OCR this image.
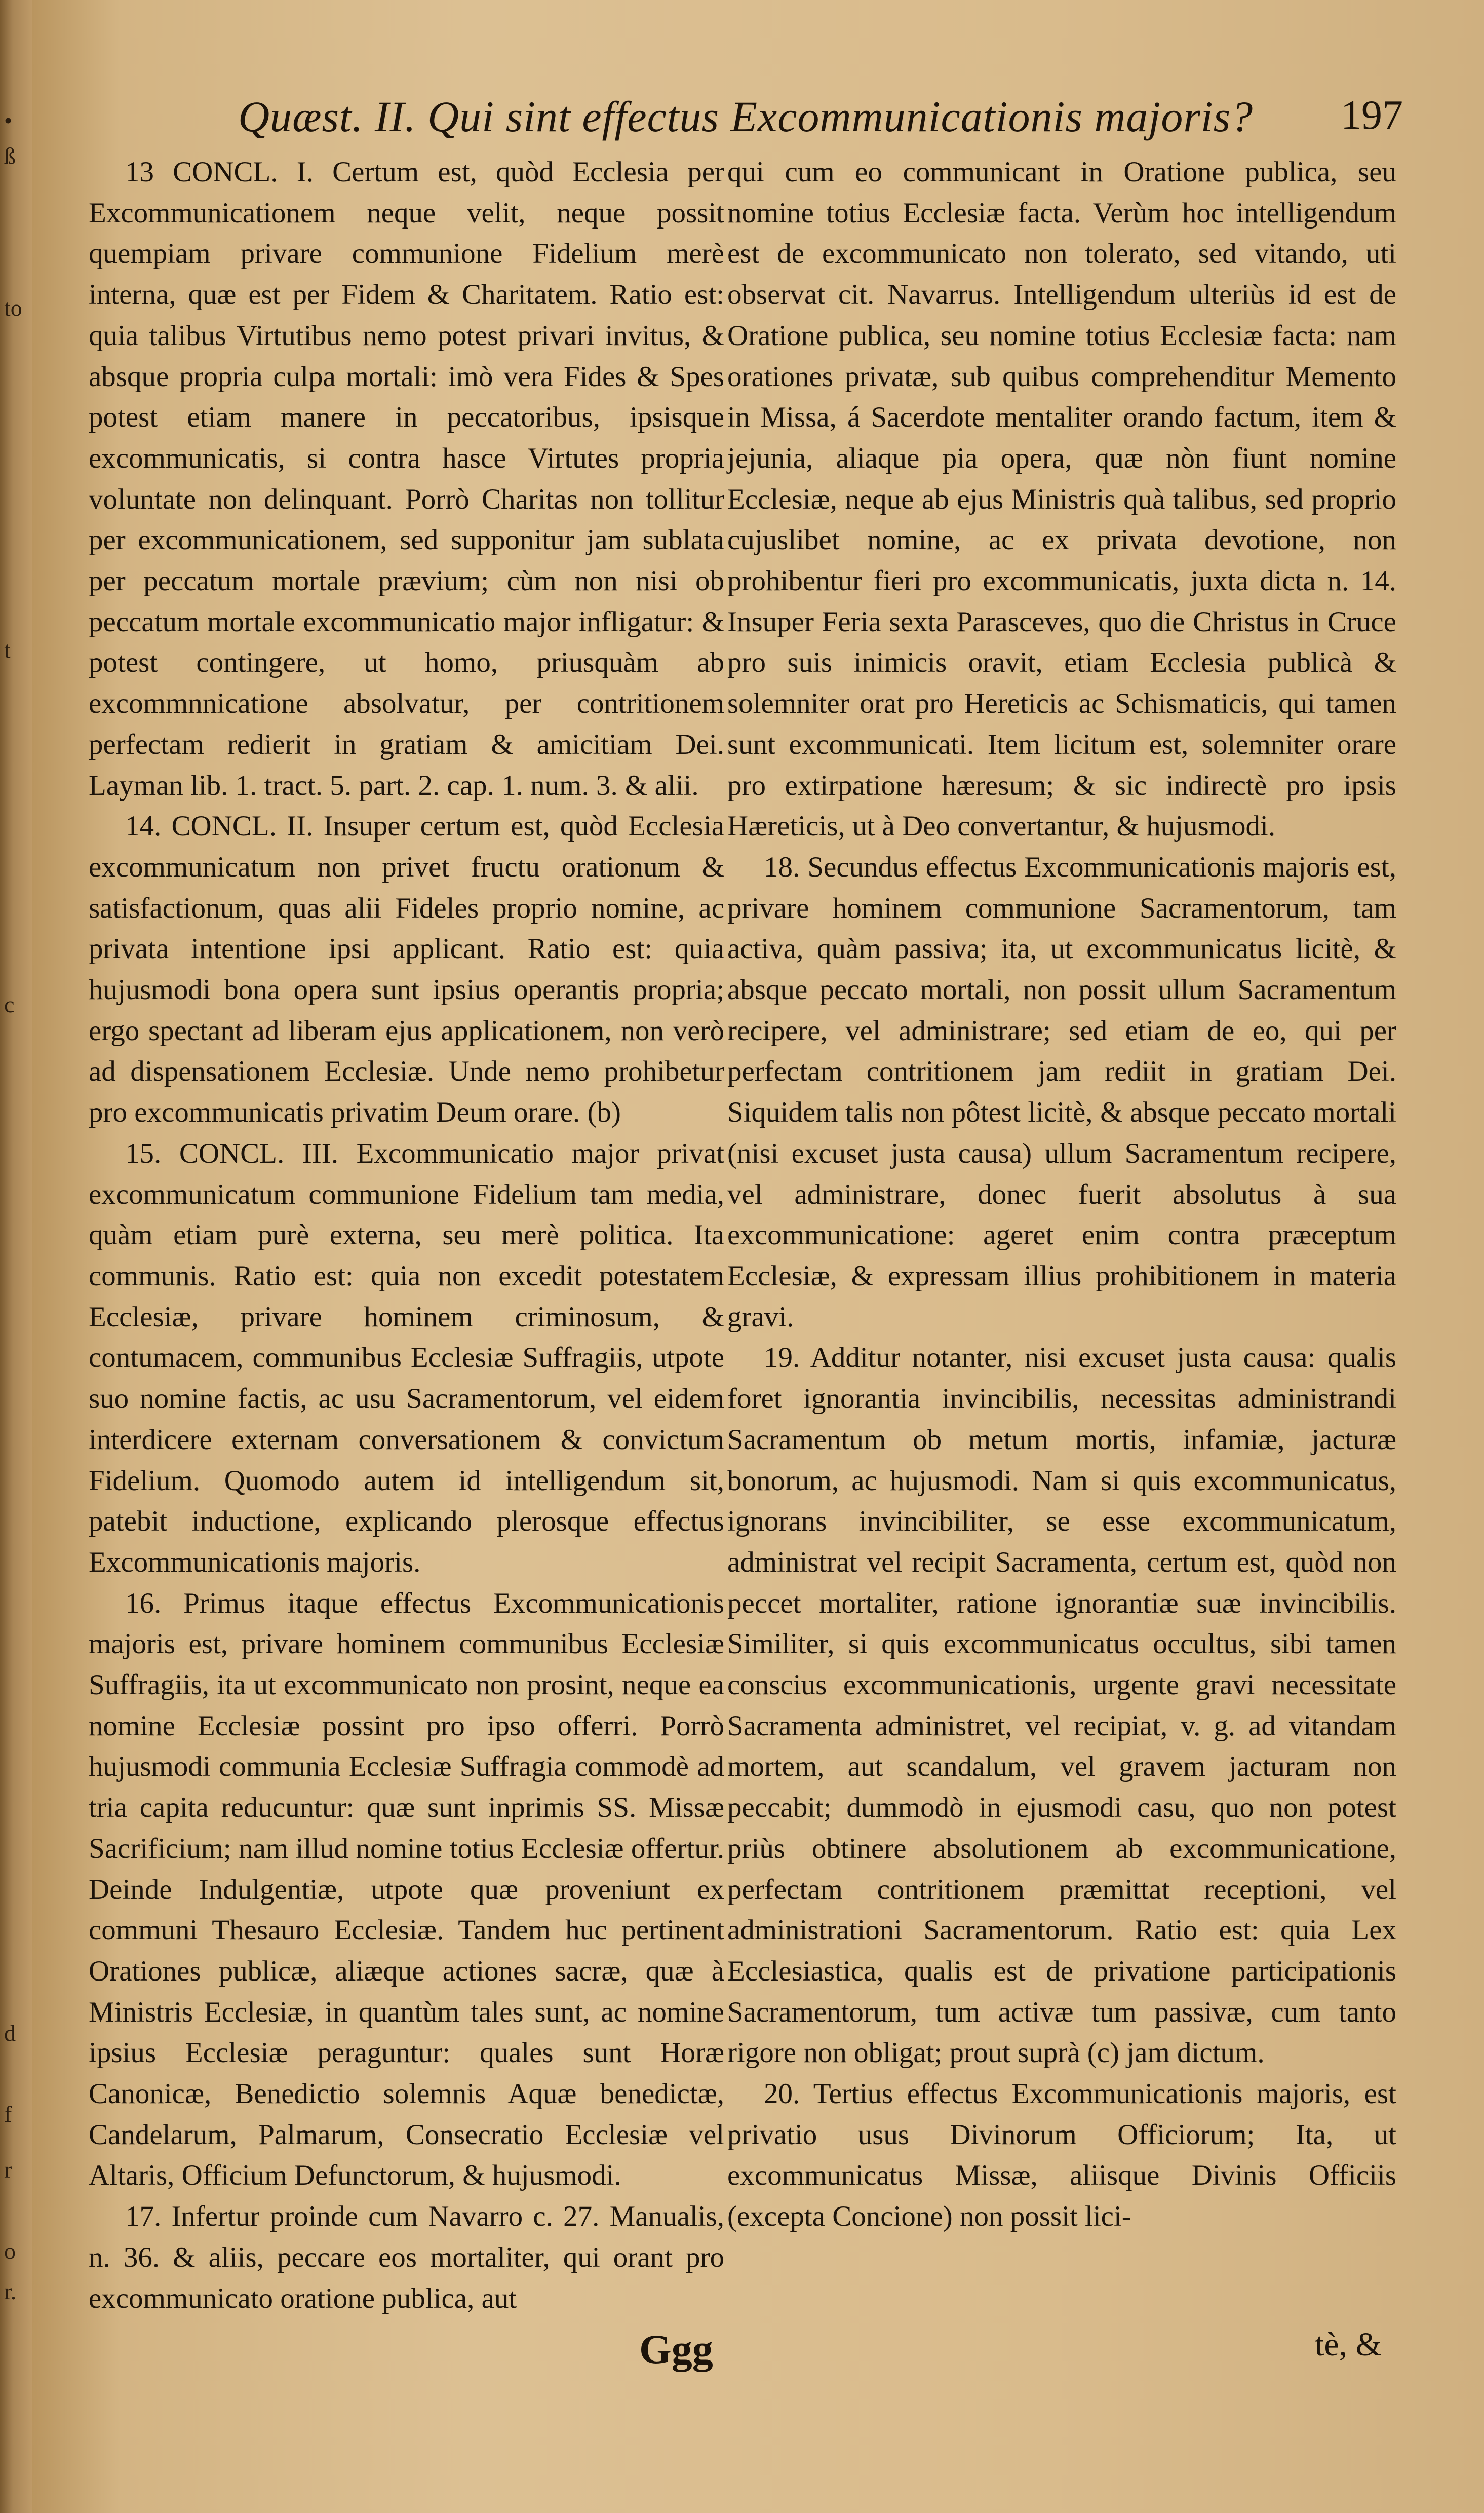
•
ß
to
t
c
d
f
r
o
r.
Quæst. II. Qui sint effectus Excommunicationis majoris? 197

13 CONCL. I. Certum est, quòd Ecclesia per Excommunicationem neque velit, neque possit quempiam privare communione Fidelium merè interna, quæ est per Fidem & Charitatem. Ratio est: quia talibus Virtutibus nemo potest privari invitus, & absque propria culpa mortali: imò vera Fides & Spes potest etiam manere in peccatoribus, ipsisque excommunicatis, si contra hasce Virtutes propria voluntate non delinquant. Porrò Charitas non tollitur per excommunicationem, sed supponitur jam sublata per peccatum mortale prævium; cùm non nisi ob peccatum mortale excommunicatio major infligatur: & potest contingere, ut homo, priusquàm ab excommnnicatione absolvatur, per contritionem perfectam redierit in gratiam & amicitiam Dei. Layman lib. 1. tract. 5. part. 2. cap. 1. num. 3. & alii.

14. CONCL. II. Insuper certum est, quòd Ecclesia excommunicatum non privet fructu orationum & satisfactionum, quas alii Fideles proprio nomine, ac privata intentione ipsi applicant. Ratio est: quia hujusmodi bona opera sunt ipsius operantis propria; ergo spectant ad liberam ejus applicationem, non verò ad dispensationem Ecclesiæ. Unde nemo prohibetur pro excommunicatis privatim Deum orare. (b)

15. CONCL. III. Excommunicatio major privat excommunicatum communione Fidelium tam media, quàm etiam purè externa, seu merè politica. Ita communis. Ratio est: quia non excedit potestatem Ecclesiæ, privare hominem criminosum, & contumacem, communibus Ecclesiæ Suffragiis, utpote suo nomine factis, ac usu Sacramentorum, vel eidem interdicere externam conversationem & convictum Fidelium. Quomodo autem id intelligendum sit, patebit inductione, explicando plerosque effectus Excommunicationis majoris.

16. Primus itaque effectus Excommunicationis majoris est, privare hominem communibus Ecclesiæ Suffragiis, ita ut excommunicato non prosint, neque ea nomine Ecclesiæ possint pro ipso offerri. Porrò hujusmodi communia Ecclesiæ Suffragia commodè ad tria capita reducuntur: quæ sunt inprimis SS. Missæ Sacrificium; nam illud nomine totius Ecclesiæ offertur. Deinde Indulgentiæ, utpote quæ proveniunt ex communi Thesauro Ecclesiæ. Tandem huc pertinent Orationes publicæ, aliæque actiones sacræ, quæ à Ministris Ecclesiæ, in quantùm tales sunt, ac nomine ipsius Ecclesiæ peraguntur: quales sunt Horæ Canonicæ, Benedictio solemnis Aquæ benedictæ, Candelarum, Palmarum, Consecratio Ecclesiæ vel Altaris, Officium Defunctorum, & hujusmodi.

17. Infertur proinde cum Navarro c. 27. Manualis, n. 36. & aliis, peccare eos mortaliter, qui orant pro excommunicato oratione publica, aut

qui cum eo communicant in Oratione publica, seu nomine totius Ecclesiæ facta. Verùm hoc intelligendum est de excommunicato non tolerato, sed vitando, uti observat cit. Navarrus. Intelligendum ulteriùs id est de Oratione publica, seu nomine totius Ecclesiæ facta: nam orationes privatæ, sub quibus comprehenditur Memento in Missa, á Sacerdote mentaliter orando factum, item & jejunia, aliaque pia opera, quæ nòn fiunt nomine Ecclesiæ, neque ab ejus Ministris quà talibus, sed proprio cujuslibet nomine, ac ex privata devotione, non prohibentur fieri pro excommunicatis, juxta dicta n. 14. Insuper Feria sexta Parasceves, quo die Christus in Cruce pro suis inimicis oravit, etiam Ecclesia publicà & solemniter orat pro Hereticis ac Schismaticis, qui tamen sunt excommunicati. Item licitum est, solemniter orare pro extirpatione hæresum; & sic indirectè pro ipsis Hæreticis, ut à Deo convertantur, & hujusmodi.

18. Secundus effectus Excommunicationis majoris est, privare hominem communione Sacramentorum, tam activa, quàm passiva; ita, ut excommunicatus licitè, & absque peccato mortali, non possit ullum Sacramentum recipere, vel administrare; sed etiam de eo, qui per perfectam contritionem jam rediit in gratiam Dei. Siquidem talis non pôtest licitè, & absque peccato mortali (nisi excuset justa causa) ullum Sacramentum recipere, vel administrare, donec fuerit absolutus à sua excommunicatione: ageret enim contra præceptum Ecclesiæ, & expressam illius prohibitionem in materia gravi.

19. Additur notanter, nisi excuset justa causa: qualis foret ignorantia invincibilis, necessitas administrandi Sacramentum ob metum mortis, infamiæ, jacturæ bonorum, ac hujusmodi. Nam si quis excommunicatus, ignorans invincibiliter, se esse excommunicatum, administrat vel recipit Sacramenta, certum est, quòd non peccet mortaliter, ratione ignorantiæ suæ invincibilis. Similiter, si quis excommunicatus occultus, sibi tamen conscius excommunicationis, urgente gravi necessitate Sacramenta administret, vel recipiat, v. g. ad vitandam mortem, aut scandalum, vel gravem jacturam non peccabit; dummodò in ejusmodi casu, quo non potest priùs obtinere absolutionem ab excommunicatione, perfectam contritionem præmittat receptioni, vel administrationi Sacramentorum. Ratio est: quia Lex Ecclesiastica, qualis est de privatione participationis Sacramentorum, tum activæ tum passivæ, cum tanto rigore non obligat; prout suprà (c) jam dictum.

20. Tertius effectus Excommunicationis majoris, est privatio usus Divinorum Officiorum; Ita, ut excommunicatus Missæ, aliisque Divinis Officiis (excepta Concione) non possit lici-

Ggg	tè, &
